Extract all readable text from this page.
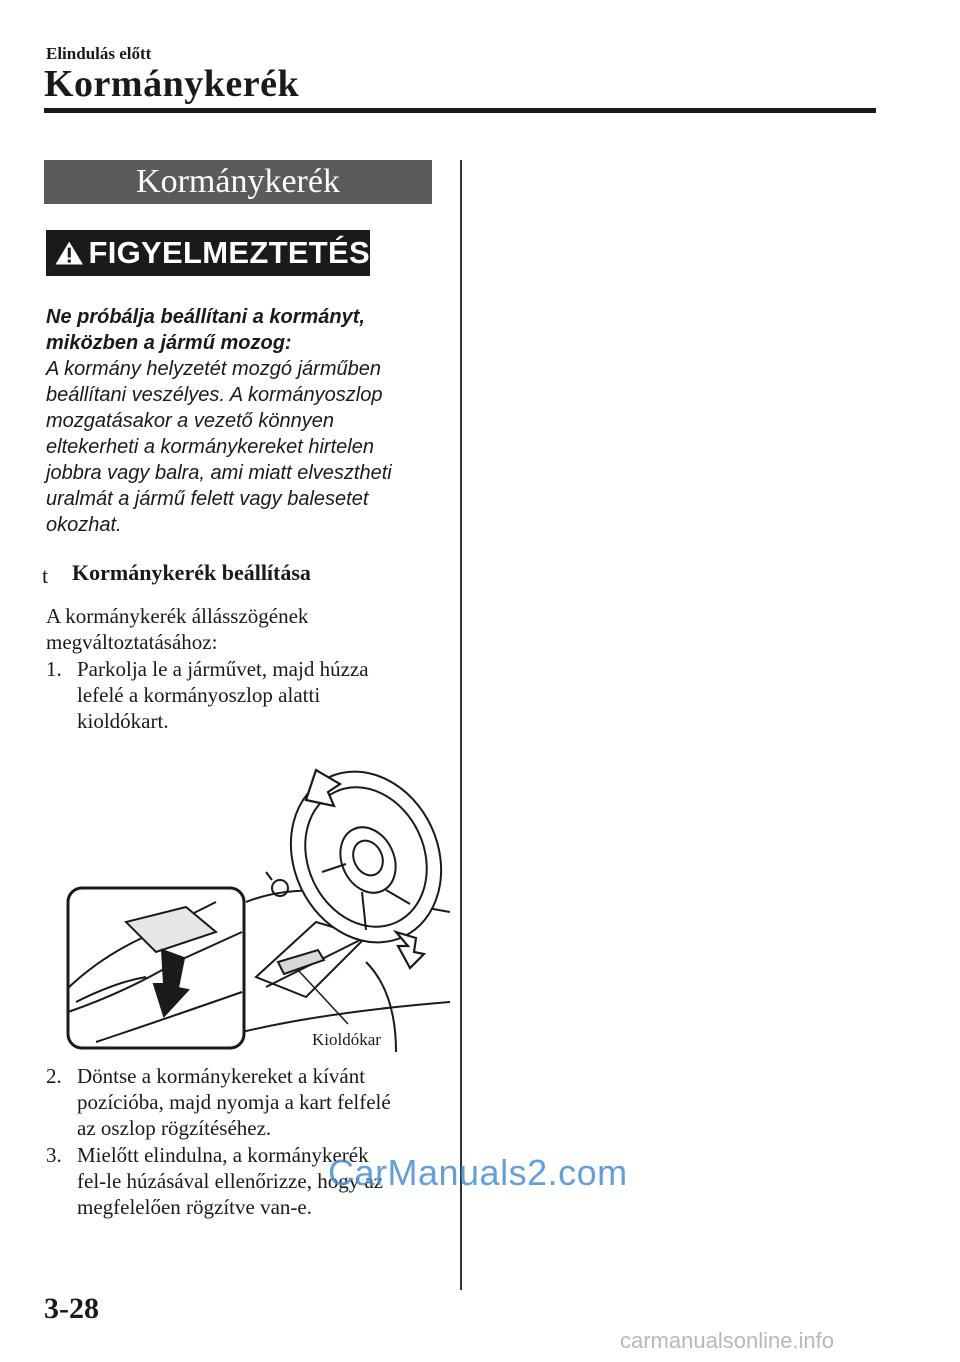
Elindulás előtt
Kormánykerék
Kormánykerék
FIGYELMEZTETÉS
Ne próbálja beállítani a kormányt,
miközben a jármű mozog:
A kormány helyzetét mozgó járműben
beállítani veszélyes. A kormányoszlop
mozgatásakor a vezető könnyen
eltekerheti a kormánykereket hirtelen
jobbra vagy balra, ami miatt elvesztheti
uralmát a jármű felett vagy balesetet
okozhat.
t Kormánykerék beállítása
A kormánykerék állásszögének
megváltoztatásához:
1. Parkolja le a járművet, majd húzza
lefelé a kormányoszlop alatti
kioldókart.
Kioldókar
2. Döntse a kormánykereket a kívánt
pozícióba, majd nyomja a kart felfelé
az oszlop rögzítéséhez.
3. Mielőtt elindulna, a kormánykerék
fel-le húzásával ellenőrizze, hogy az
megfelelően rögzítve van-e.
CarManuals2.com
3-28
carmanualsonline.info
